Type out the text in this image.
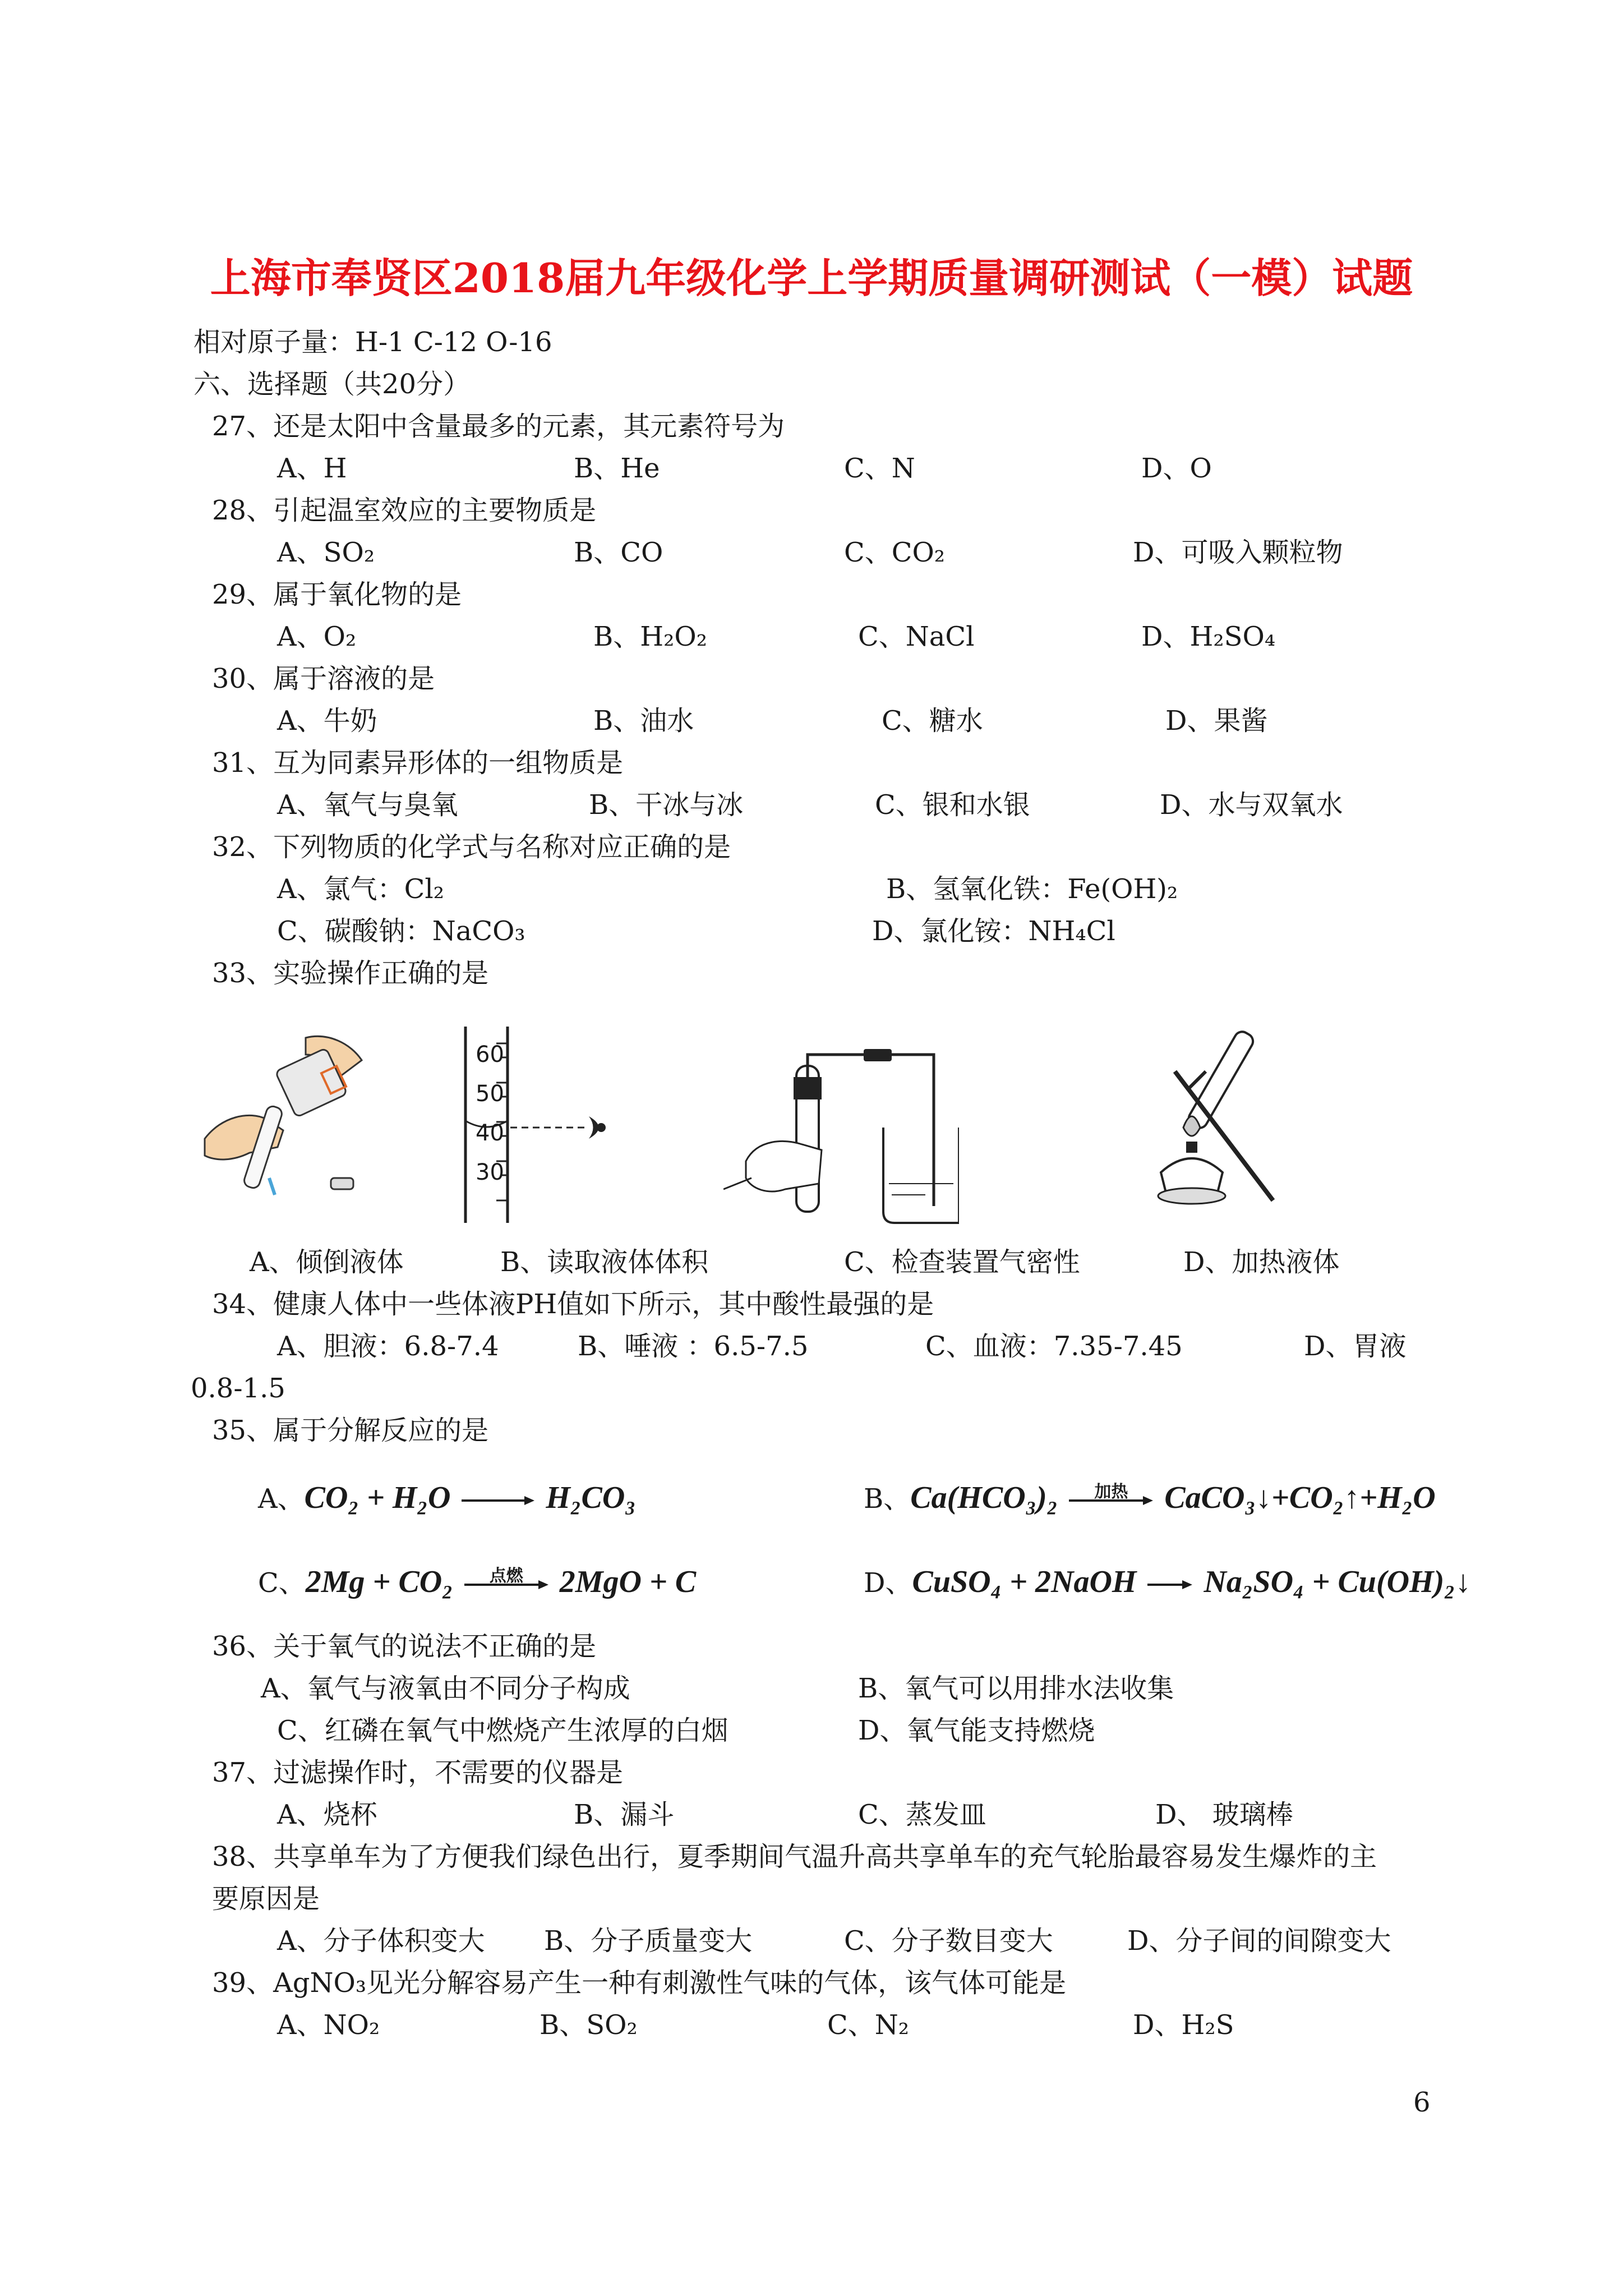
上海市奉贤区2018届九年级化学上学期质量调研测试（一模）试题
相对原子量：H-1 C-12 O-16
六、选择题（共20分）
27、还是太阳中含量最多的元素，其元素符号为
A、H	B、He	C、N	D、O
28、引起温室效应的主要物质是
A、SO₂	B、CO	C、CO₂	D、可吸入颗粒物
29、属于氧化物的是
A、O₂	B、H₂O₂	C、NaCl	D、H₂SO₄
30、属于溶液的是
A、牛奶	B、油水	C、糖水	D、果酱
31、互为同素异形体的一组物质是
A、氧气与臭氧	B、干冰与冰	C、银和水银	D、水与双氧水
32、下列物质的化学式与名称对应正确的是
A、氯气：Cl₂	B、氢氧化铁：Fe(OH)₂
C、碳酸钠：NaCO₃	D、氯化铵：NH₄Cl
33、实验操作正确的是
60
50
40
30
A、倾倒液体	B、读取液体体积	C、检查装置气密性	D、加热液体
34、健康人体中一些体液PH值如下所示，其中酸性最强的是
A、胆液：6.8-7.4	B、唾液 ：6.5-7.5	C、血液：7.35-7.45	D、胃液
0.8-1.5
35、属于分解反应的是
A、CO₂ + H₂O	H₂CO₃	B、Ca(HCO₃)₂	加热	CaCO₃↓+CO₂↑+H₂O
C、2Mg + CO₂	点燃	2MgO + C	D、CuSO₄ + 2NaOH Na₂SO₄ + Cu(OH)₂↓
36、关于氧气的说法不正确的是
A、氧气与液氧由不同分子构成	B、氧气可以用排水法收集
C、红磷在氧气中燃烧产生浓厚的白烟	D、氧气能支持燃烧
37、过滤操作时，不需要的仪器是
A、烧杯	B、漏斗	C、蒸发皿	D、 玻璃棒
38、共享单车为了方便我们绿色出行，夏季期间气温升高共享单车的充气轮胎最容易发生爆炸的主
要原因是
A、分子体积变大 B、分子质量变大	C、分子数目变大	D、分子间的间隙变大
39、AgNO₃见光分解容易产生一种有刺激性气味的气体，该气体可能是
A、NO₂	B、SO₂	C、N₂	D、H₂S
6
